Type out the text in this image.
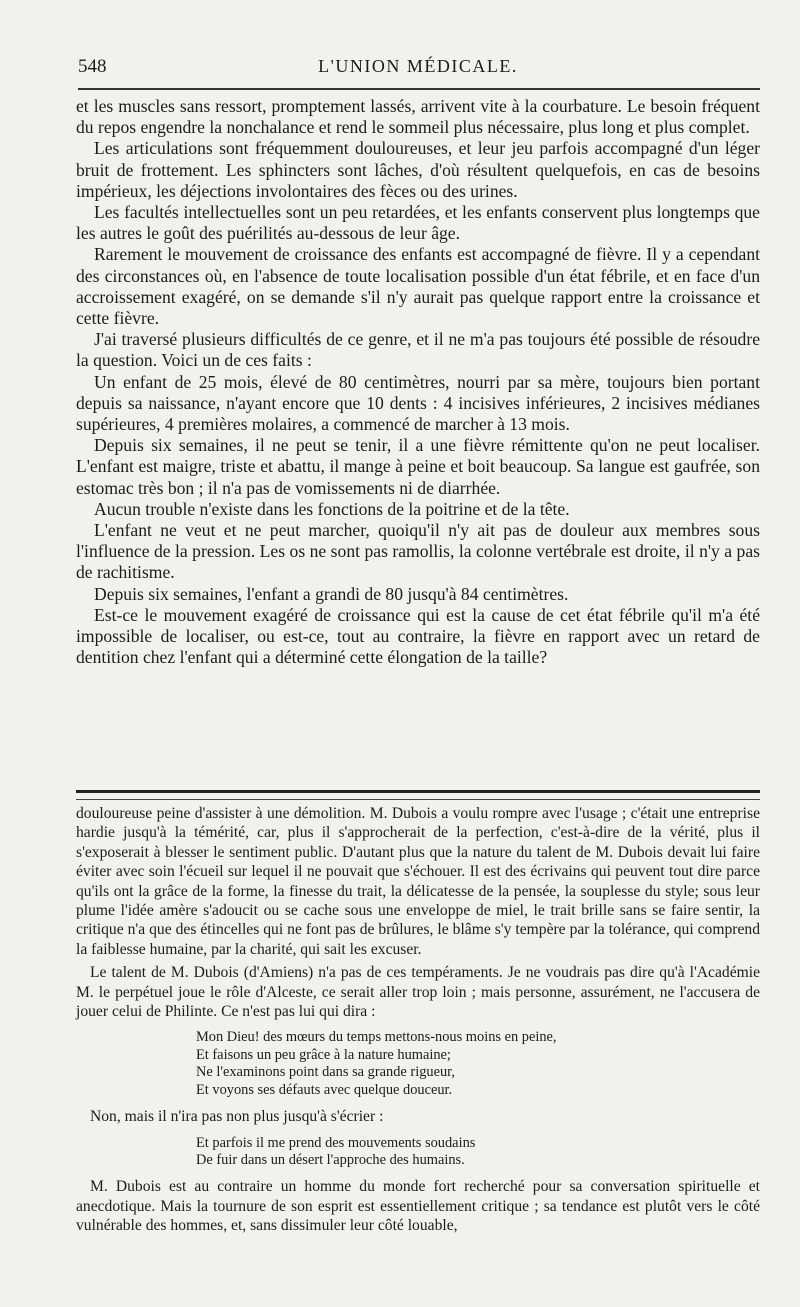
548	L'UNION MÉDICALE.

et les muscles sans ressort, promptement lassés, arrivent vite à la courbature. Le besoin fréquent du repos engendre la nonchalance et rend le sommeil plus nécessaire, plus long et plus complet.

Les articulations sont fréquemment douloureuses, et leur jeu parfois accompagné d'un léger bruit de frottement. Les sphincters sont lâches, d'où résultent quelquefois, en cas de besoins impérieux, les déjections involontaires des fèces ou des urines.

Les facultés intellectuelles sont un peu retardées, et les enfants conservent plus longtemps que les autres le goût des puérilités au-dessous de leur âge.

Rarement le mouvement de croissance des enfants est accompagné de fièvre. Il y a cependant des circonstances où, en l'absence de toute localisation possible d'un état fébrile, et en face d'un accroissement exagéré, on se demande s'il n'y aurait pas quelque rapport entre la croissance et cette fièvre.

J'ai traversé plusieurs difficultés de ce genre, et il ne m'a pas toujours été possible de résoudre la question. Voici un de ces faits :

Un enfant de 25 mois, élevé de 80 centimètres, nourri par sa mère, toujours bien portant depuis sa naissance, n'ayant encore que 10 dents : 4 incisives inférieures, 2 incisives médianes supérieures, 4 premières molaires, a commencé de marcher à 13 mois.

Depuis six semaines, il ne peut se tenir, il a une fièvre rémittente qu'on ne peut localiser. L'enfant est maigre, triste et abattu, il mange à peine et boit beaucoup. Sa langue est gaufrée, son estomac très bon ; il n'a pas de vomissements ni de diarrhée.

Aucun trouble n'existe dans les fonctions de la poitrine et de la tête.

L'enfant ne veut et ne peut marcher, quoiqu'il n'y ait pas de douleur aux membres sous l'influence de la pression. Les os ne sont pas ramollis, la colonne vertébrale est droite, il n'y a pas de rachitisme.

Depuis six semaines, l'enfant a grandi de 80 jusqu'à 84 centimètres.

Est-ce le mouvement exagéré de croissance qui est la cause de cet état fébrile qu'il m'a été impossible de localiser, ou est-ce, tout au contraire, la fièvre en rapport avec un retard de dentition chez l'enfant qui a déterminé cette élongation de la taille?

douloureuse peine d'assister à une démolition. M. Dubois a voulu rompre avec l'usage ; c'était une entreprise hardie jusqu'à la témérité, car, plus il s'approcherait de la perfection, c'est-à-dire de la vérité, plus il s'exposerait à blesser le sentiment public. D'autant plus que la nature du talent de M. Dubois devait lui faire éviter avec soin l'écueil sur lequel il ne pouvait que s'échouer. Il est des écrivains qui peuvent tout dire parce qu'ils ont la grâce de la forme, la finesse du trait, la délicatesse de la pensée, la souplesse du style; sous leur plume l'idée amère s'adoucit ou se cache sous une enveloppe de miel, le trait brille sans se faire sentir, la critique n'a que des étincelles qui ne font pas de brûlures, le blâme s'y tempère par la tolérance, qui comprend la faiblesse humaine, par la charité, qui sait les excuser.

Le talent de M. Dubois (d'Amiens) n'a pas de ces tempéraments. Je ne voudrais pas dire qu'à l'Académie M. le perpétuel joue le rôle d'Alceste, ce serait aller trop loin ; mais personne, assurément, ne l'accusera de jouer celui de Philinte. Ce n'est pas lui qui dira :

Mon Dieu! des mœurs du temps mettons-nous moins en peine,
Et faisons un peu grâce à la nature humaine;
Ne l'examinons point dans sa grande rigueur,
Et voyons ses défauts avec quelque douceur.

Non, mais il n'ira pas non plus jusqu'à s'écrier :

Et parfois il me prend des mouvements soudains
De fuir dans un désert l'approche des humains.

M. Dubois est au contraire un homme du monde fort recherché pour sa conversation spirituelle et anecdotique. Mais la tournure de son esprit est essentiellement critique ; sa tendance est plutôt vers le côté vulnérable des hommes, et, sans dissimuler leur côté louable,
